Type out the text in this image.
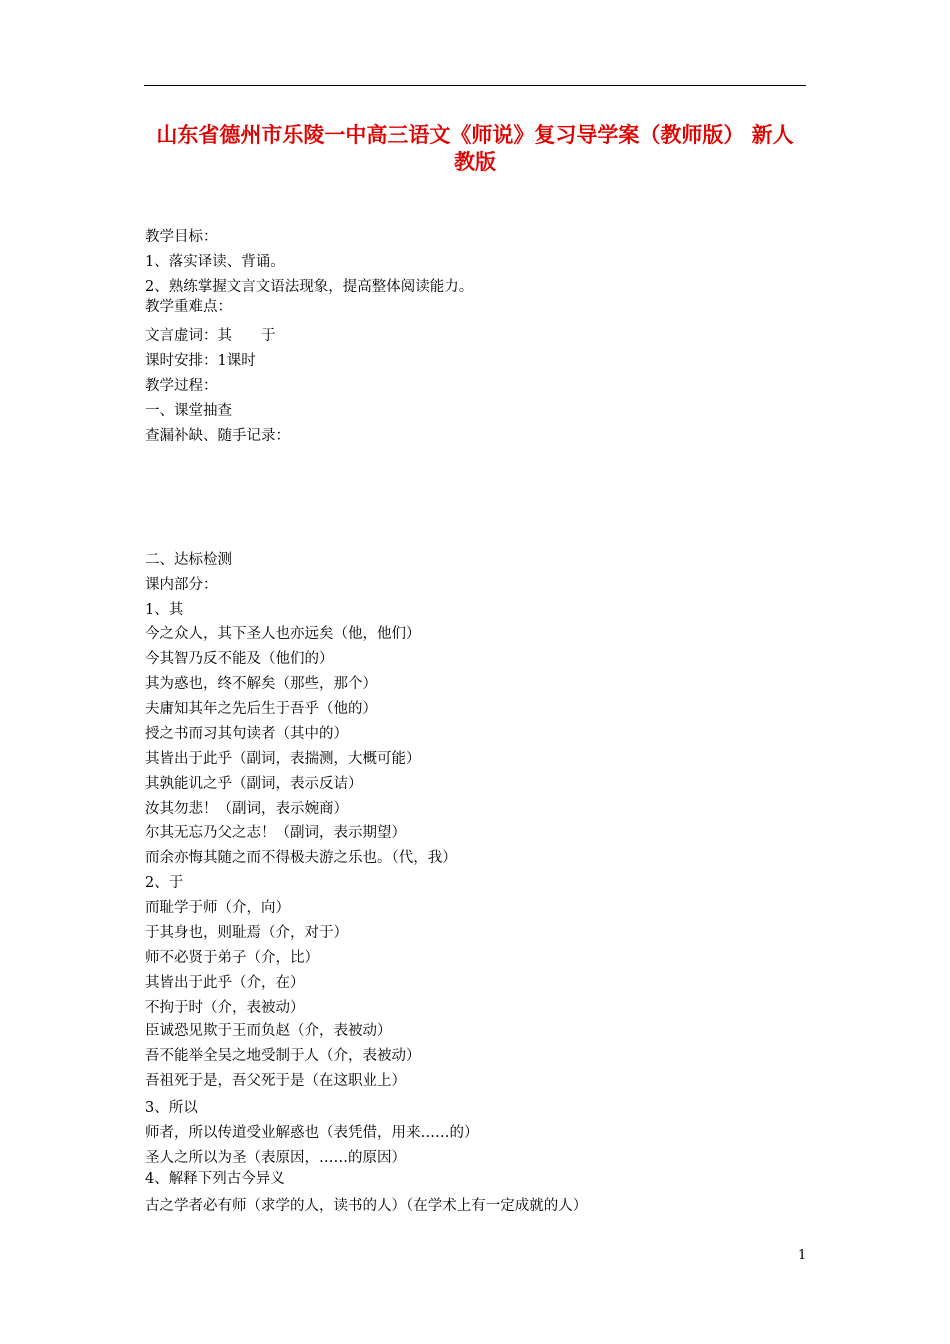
山东省德州市乐陵一中高三语文《师说》复习导学案（教师版） 新人
教版
教学目标：
1、落实译读、背诵。
2、熟练掌握文言文语法现象，提高整体阅读能力。
教学重难点：
文言虚词：其　　于
课时安排：1课时
教学过程：
一、课堂抽查
查漏补缺、随手记录：
二、达标检测
课内部分：
1、其
今之众人，其下圣人也亦远矣（他，他们）
今其智乃反不能及（他们的）
其为惑也，终不解矣（那些，那个）
夫庸知其年之先后生于吾乎（他的）
授之书而习其句读者（其中的）
其皆出于此乎（副词，表揣测，大概可能）
其孰能讥之乎（副词，表示反诘）
汝其勿悲！（副词，表示婉商）
尔其无忘乃父之志！（副词，表示期望）
而余亦悔其随之而不得极夫游之乐也。（代，我）
2、于
而耻学于师（介，向）
于其身也，则耻焉（介，对于）
师不必贤于弟子（介，比）
其皆出于此乎（介，在）
不拘于时（介，表被动）
臣诚恐见欺于王而负赵（介，表被动）
吾不能举全吴之地受制于人（介，表被动）
吾祖死于是，吾父死于是（在这职业上）
3、所以
师者，所以传道受业解惑也（表凭借，用来……的）
圣人之所以为圣（表原因，……的原因）
4、解释下列古今异义
古之学者必有师（求学的人，读书的人）（在学术上有一定成就的人）
1
